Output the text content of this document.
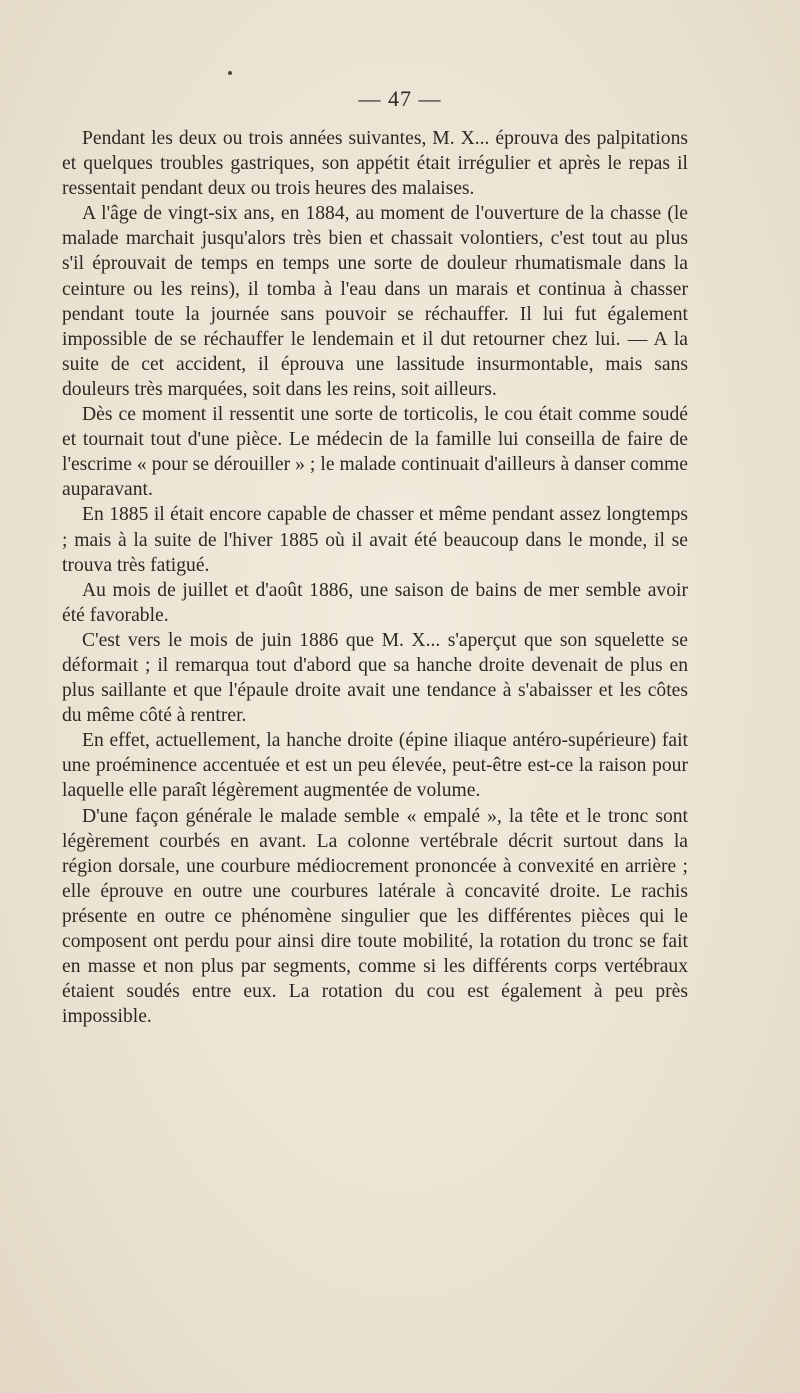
— 47 —

Pendant les deux ou trois années suivantes, M. X... éprouva des palpitations et quelques troubles gastriques, son appétit était irrégulier et après le repas il ressentait pendant deux ou trois heures des malaises.

A l'âge de vingt-six ans, en 1884, au moment de l'ouverture de la chasse (le malade marchait jusqu'alors très bien et chassait volontiers, c'est tout au plus s'il éprouvait de temps en temps une sorte de douleur rhumatismale dans la ceinture ou les reins), il tomba à l'eau dans un marais et continua à chasser pendant toute la journée sans pouvoir se réchauffer. Il lui fut également impossible de se réchauffer le lendemain et il dut retourner chez lui. — A la suite de cet accident, il éprouva une lassitude insurmontable, mais sans douleurs très marquées, soit dans les reins, soit ailleurs.

Dès ce moment il ressentit une sorte de torticolis, le cou était comme soudé et tournait tout d'une pièce. Le médecin de la famille lui conseilla de faire de l'escrime « pour se dérouiller » ; le malade continuait d'ailleurs à danser comme auparavant.

En 1885 il était encore capable de chasser et même pendant assez longtemps ; mais à la suite de l'hiver 1885 où il avait été beaucoup dans le monde, il se trouva très fatigué.

Au mois de juillet et d'août 1886, une saison de bains de mer semble avoir été favorable.

C'est vers le mois de juin 1886 que M. X... s'aperçut que son squelette se déformait ; il remarqua tout d'abord que sa hanche droite devenait de plus en plus saillante et que l'épaule droite avait une tendance à s'abaisser et les côtes du même côté à rentrer.

En effet, actuellement, la hanche droite (épine iliaque antéro-supérieure) fait une proéminence accentuée et est un peu élevée, peut-être est-ce la raison pour laquelle elle paraît légèrement augmentée de volume.

D'une façon générale le malade semble « empalé », la tête et le tronc sont légèrement courbés en avant. La colonne vertébrale décrit surtout dans la région dorsale, une courbure médiocrement prononcée à convexité en arrière ; elle éprouve en outre une courbures latérale à concavité droite. Le rachis présente en outre ce phénomène singulier que les différentes pièces qui le composent ont perdu pour ainsi dire toute mobilité, la rotation du tronc se fait en masse et non plus par segments, comme si les différents corps vertébraux étaient soudés entre eux. La rotation du cou est également à peu près impossible.
